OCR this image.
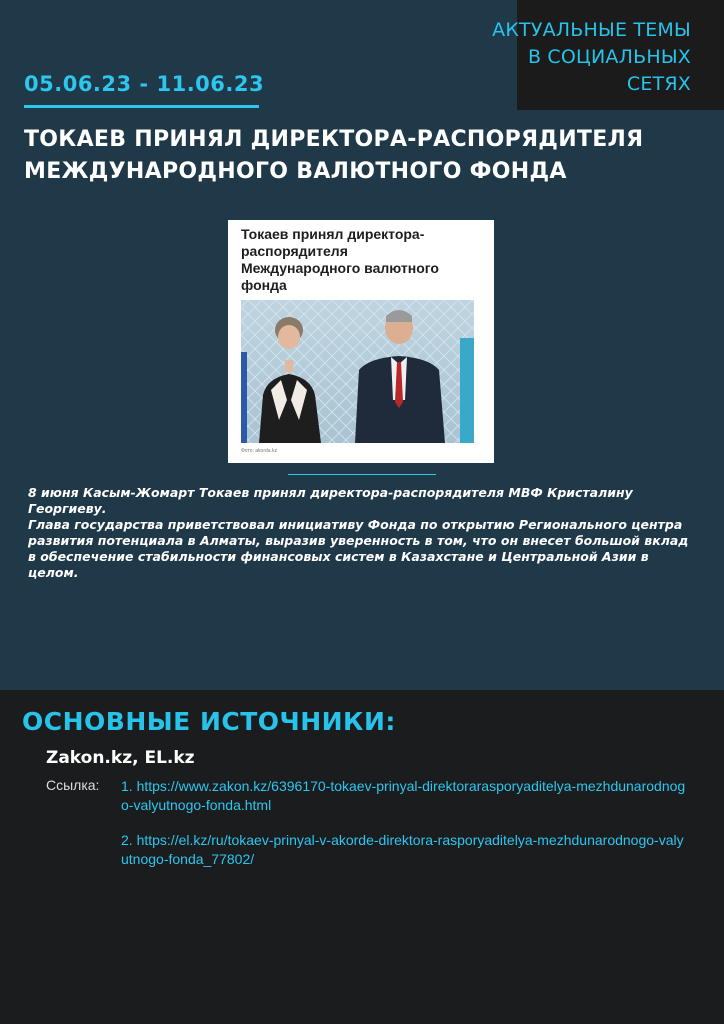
АКТУАЛЬНЫЕ ТЕМЫ
В СОЦИАЛЬНЫХ
СЕТЯХ
05.06.23 - 11.06.23
ТОКАЕВ ПРИНЯЛ ДИРЕКТОРА-РАСПОРЯДИТЕЛЯ
МЕЖДУНАРОДНОГО ВАЛЮТНОГО ФОНДА
Токаев принял директора-
распорядителя
Международного валютного
фонда
Фото: akorda.kz

8 июня Касым-Жомарт Токаев принял директора-распорядителя МВФ Кристалину Георгиеву.

Глава государства приветствовал инициативу Фонда по открытию Регионального центра развития потенциала в Алматы, выразив уверенность в том, что он внесет большой вклад в обеспечение стабильности финансовых систем в Казахстане и Центральной Азии в целом.

ОСНОВНЫЕ ИСТОЧНИКИ:
Zakon.kz, EL.kz
Ссылка: 1. https://www.zakon.kz/6396170-tokaev-prinyal-direktorarasporyaditelya-mezhdunarodnogo-valyutnogo-fonda.html
2. https://el.kz/ru/tokaev-prinyal-v-akorde-direktora-rasporyaditelya-mezhdunarodnogo-valyutnogo-fonda_77802/
